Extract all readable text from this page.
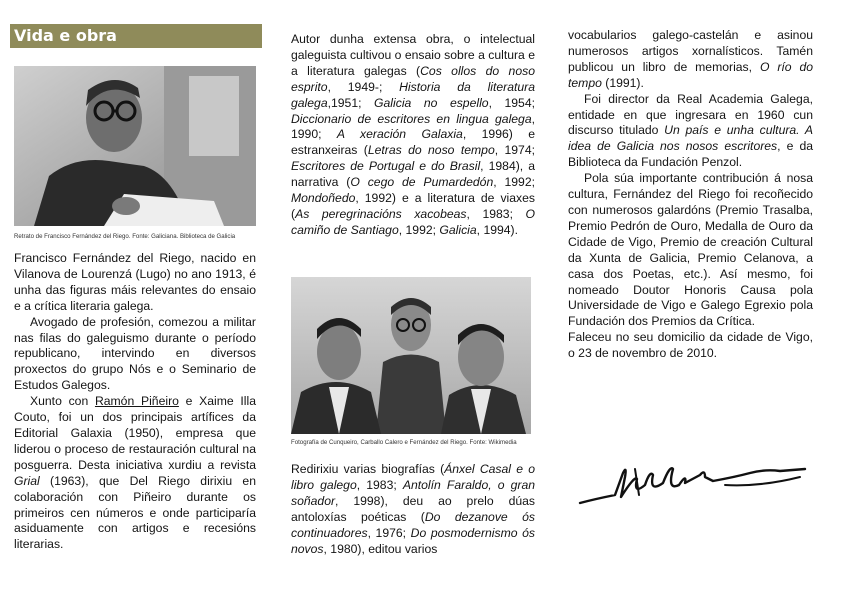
Vida e obra
Retrato de Francisco Fernández del Riego. Fonte: Galiciana. Biblioteca de Galicia

Francisco Fernández del Riego, nacido en Vilanova de Lourenzá (Lugo) no ano 1913, é unha das figuras máis relevantes do ensaio e a crítica literaria galega.

Avogado de profesión, comezou a militar nas filas do galeguismo durante o período republicano, intervindo en diversos proxectos do grupo Nós e o Seminario de Estudos Galegos.

Xunto con Ramón Piñeiro e Xaime Illa Couto, foi un dos principais artífices da Editorial Galaxia (1950), empresa que liderou o proceso de restauración cultural na posguerra. Desta iniciativa xurdiu a revista Grial (1963), que Del Riego dirixiu en colaboración con Piñeiro durante os primeiros cen números e onde participaría asiduamente con artigos e recesións literarias.

Autor dunha extensa obra, o intelectual galeguista cultivou o ensaio sobre a cultura e a literatura galegas (Cos ollos do noso esprito, 1949-; Historia da literatura galega,1951; Galicia no espello, 1954; Diccionario de escritores en lingua galega, 1990; A xeración Galaxia, 1996) e estranxeiras (Letras do noso tempo, 1974; Escritores de Portugal e do Brasil, 1984), a narrativa (O cego de Pumardedón, 1992; Mondoñedo, 1992) e a literatura de viaxes (As peregrinacións xacobeas, 1983; O camiño de Santiago, 1992; Galicia, 1994).

Fotografía de Cunqueiro, Carballo Calero e Fernández del Riego. Fonte: Wikimedia

Redirixiu varias biografías (Ánxel Casal e o libro galego, 1983; Antolín Faraldo, o gran soñador, 1998), deu ao prelo dúas antoloxías poéticas (Do dezanove ós continuadores, 1976; Do posmodernismo ós novos, 1980), editou varios

vocabularios galego-castelán e asinou numerosos artigos xornalísticos. Tamén publicou un libro de memorias, O río do tempo (1991).

Foi director da Real Academia Galega, entidade en que ingresara en 1960 cun discurso titulado Un país e unha cultura. A idea de Galicia nos nosos escritores, e da Biblioteca da Fundación Penzol.

Pola súa importante contribución á nosa cultura, Fernández del Riego foi recoñecido con numerosos galardóns (Premio Trasalba, Premio Pedrón de Ouro, Medalla de Ouro da Cidade de Vigo, Premio de creación Cultural da Xunta de Galicia, Premio Celanova, a casa dos Poetas, etc.). Así mesmo, foi nomeado Doutor Honoris Causa pola Universidade de Vigo e Galego Egrexio pola Fundación dos Premios da Crítica.

Faleceu no seu domicilio da cidade de Vigo, o 23 de novembro de 2010.
